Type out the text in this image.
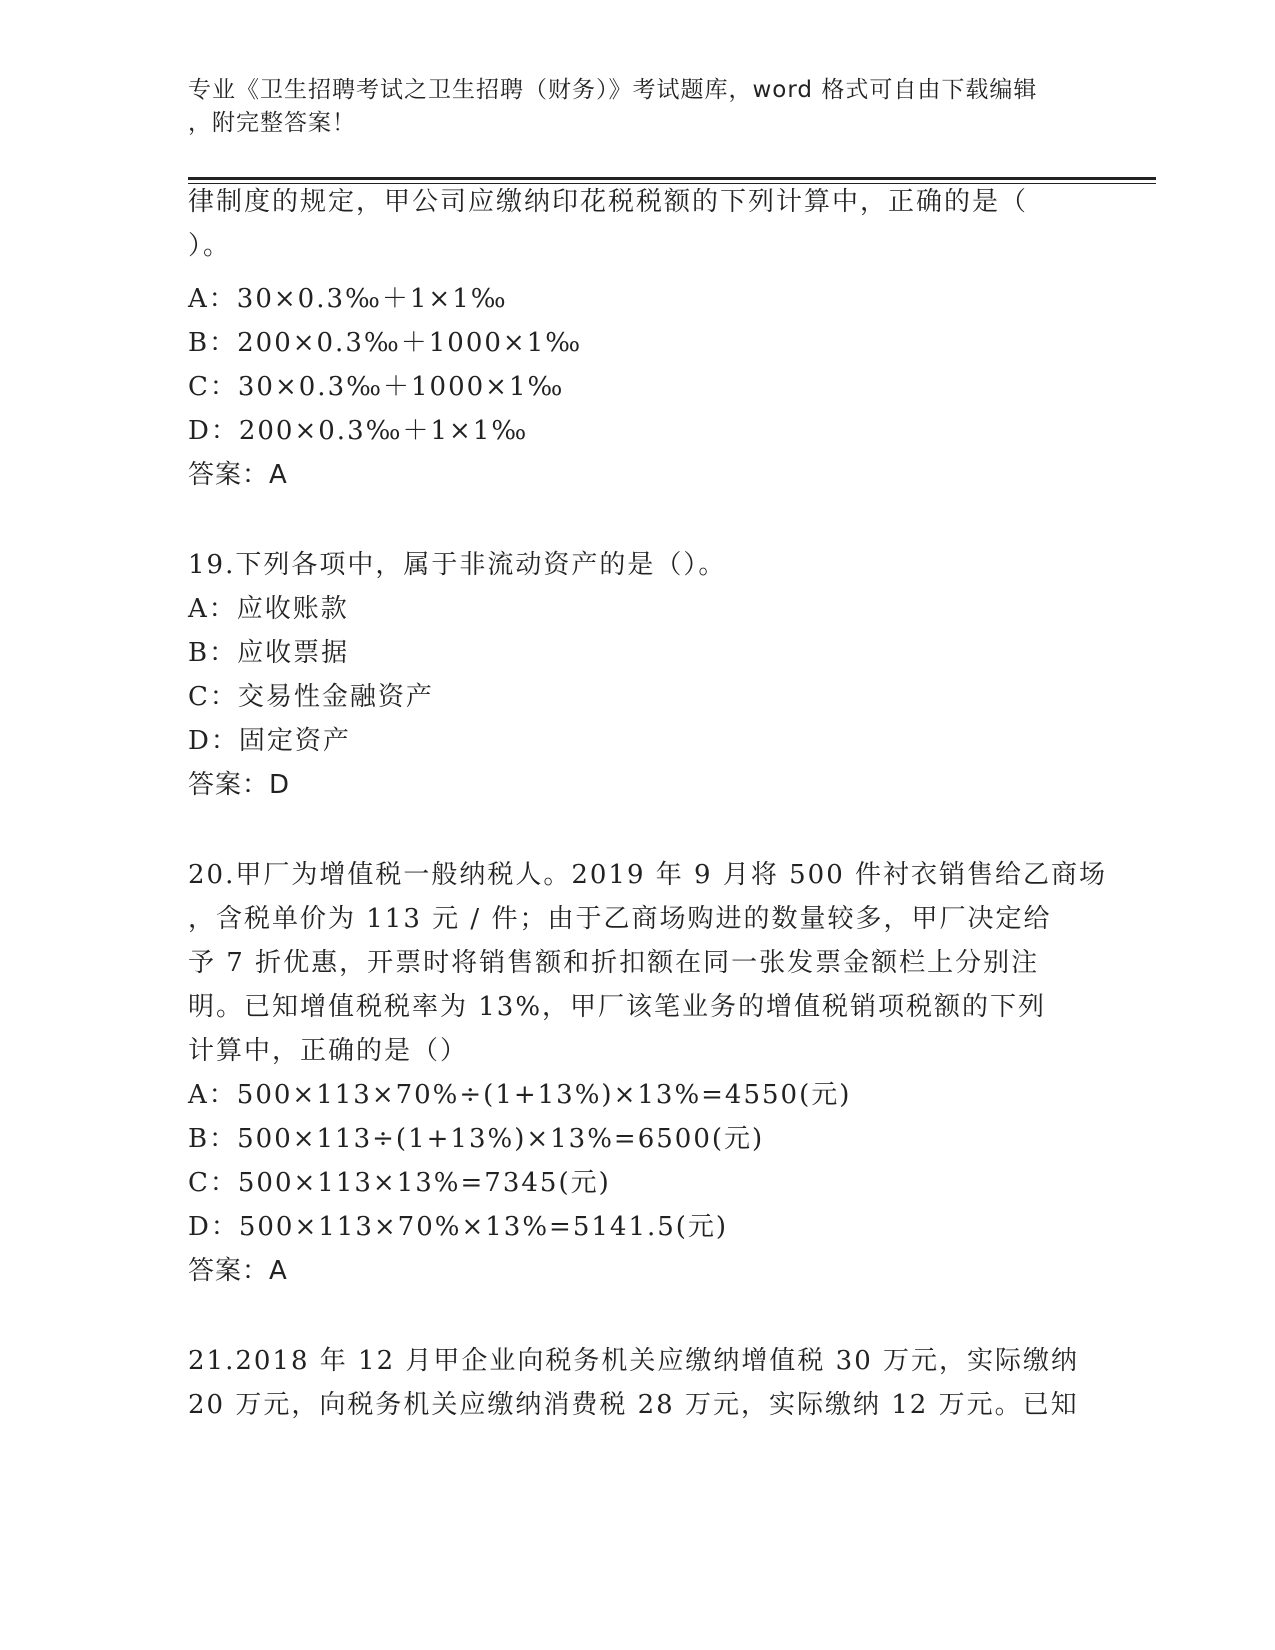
专业《卫生招聘考试之卫生招聘（财务）》考试题库，word 格式可自由下载编辑
，附完整答案！
律制度的规定，甲公司应缴纳印花税税额的下列计算中，正确的是（
）。
A：30×0.3‰＋1×1‰
B：200×0.3‰＋1000×1‰
C：30×0.3‰＋1000×1‰
D：200×0.3‰＋1×1‰
答案：A
19.下列各项中，属于非流动资产的是（）。
A：应收账款
B：应收票据
C：交易性金融资产
D：固定资产
答案：D
20.甲厂为增值税一般纳税人。2019 年 9 月将 500 件衬衣销售给乙商场
，含税单价为 113 元 / 件；由于乙商场购进的数量较多，甲厂决定给
予 7 折优惠，开票时将销售额和折扣额在同一张发票金额栏上分别注
明。已知增值税税率为 13%，甲厂该笔业务的增值税销项税额的下列
计算中，正确的是（）
A：500×113×70%÷(1+13%)×13%=4550(元)
B：500×113÷(1+13%)×13%=6500(元)
C：500×113×13%=7345(元)
D：500×113×70%×13%=5141.5(元)
答案：A
21.2018 年 12 月甲企业向税务机关应缴纳增值税 30 万元，实际缴纳
20 万元，向税务机关应缴纳消费税 28 万元，实际缴纳 12 万元。已知
